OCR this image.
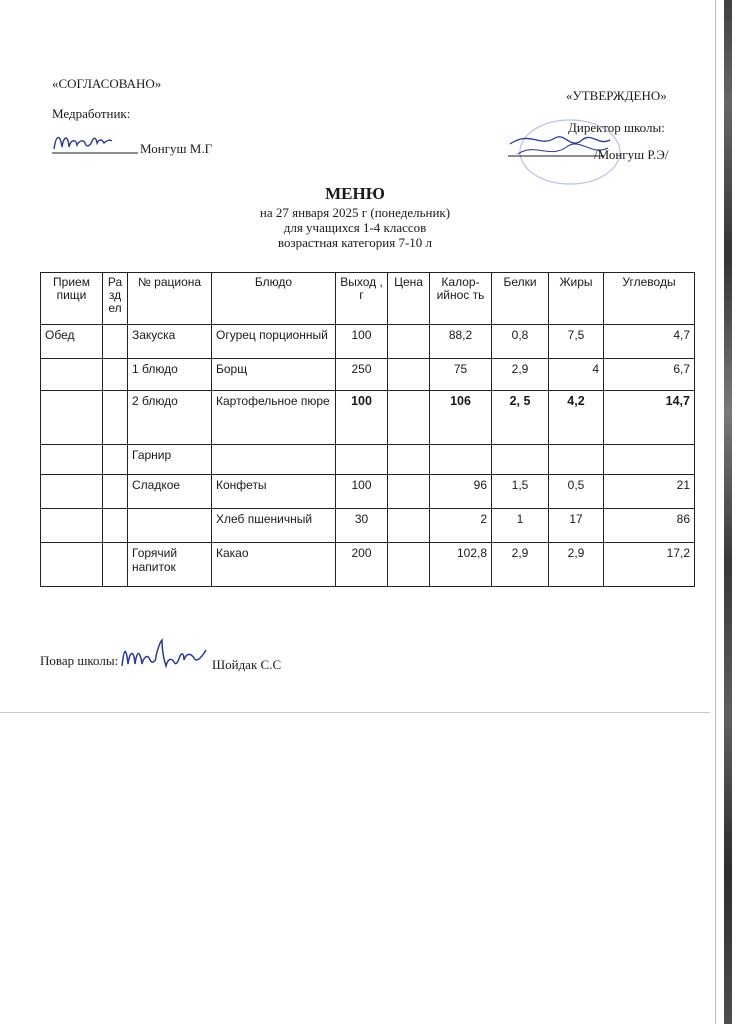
«СОГЛАСОВАНО»
Медработник:
Монгуш М.Г
«УТВЕРЖДЕНО»
Директор школы:
/Монгуш Р.Э/
МЕНЮ
на 27 января 2025 г (понедельник)
для учащихся 1-4 классов
возрастная категория 7-10 л
Прием пищи	Ра зд ел	№ рациона	Блюдо	Выход , г	Цена	Калор- ийнос ть	Белки	Жиры	Углеводы
Обед		Закуска	Огурец порционный	100		88,2	0,8	7,5	4,7
		1 блюдо	Борщ	250		75	2,9	4	6,7
		2 блюдо	Картофельное пюре	100		106	2, 5	4,2	14,7
		Гарнир							
		Сладкое	Конфеты	100		96	1,5	0,5	21
			Хлеб пшеничный	30		2	1	17	86
		Горячий напиток	Какао	200		102,8	2,9	2,9	17,2
Повар школы:	Шойдак С.С
